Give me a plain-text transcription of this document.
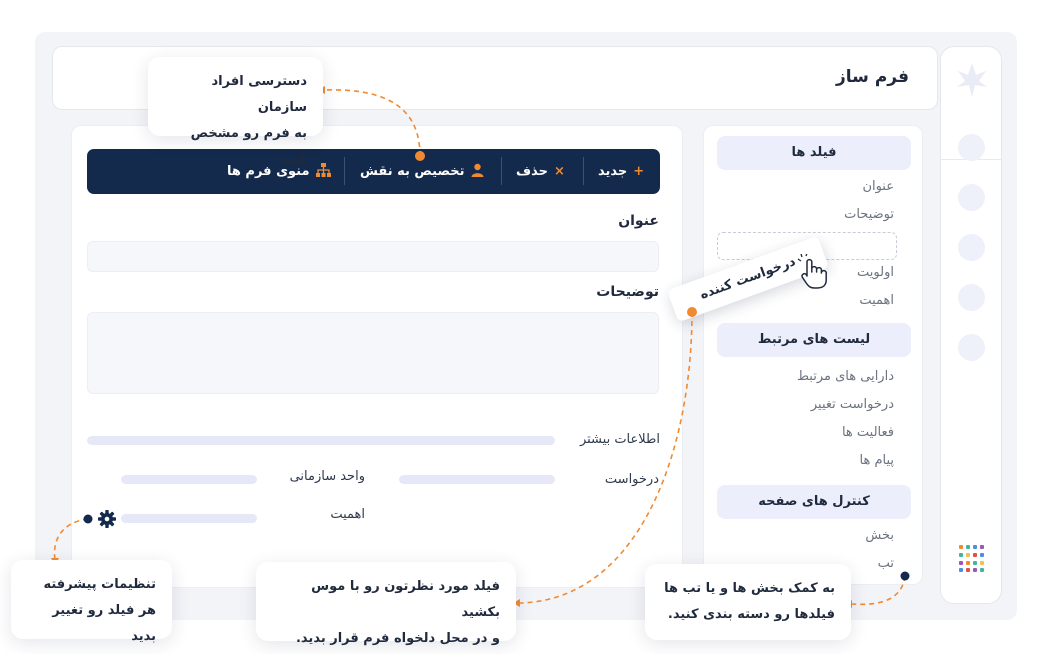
فرم ساز
فیلد ها
عنوان
توضیحات
اولویت
اهمیت
لیست های مرتبط
دارایی های مرتبط
درخواست تغییر
فعالیت ها
پیام ها
کنترل های صفحه
بخش
تب
+جدید
×حذف
تخصیص به نقش
منوی فرم ها
عنوان
توضیحات
اطلاعات بیشتر
درخواست
واحد سازمانی
اهمیت
درخواست کننده
دسترسی افراد سازمان
به فرم رو مشخص کنید
تنظیمات پیشرفته
هر فیلد رو تغییر بدید
فیلد مورد نظرتون رو با موس بکشید
و در محل دلخواه فرم قرار بدید.
به کمک بخش ها و یا تب ها
فیلدها رو دسته بندی کنید.
